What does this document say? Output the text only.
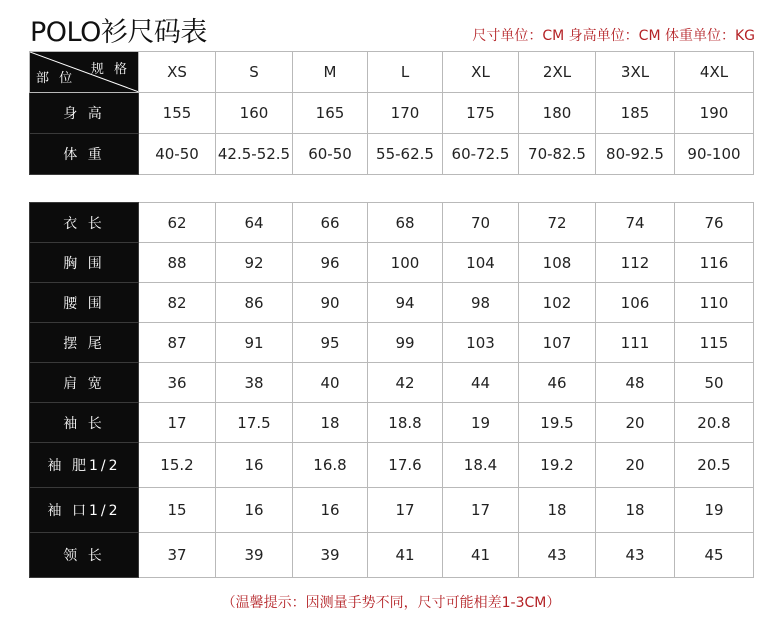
POLO衫尺码表	尺寸单位：CM 身高单位：CM 体重单位：KG
规 格
部 位	XS	S	M	L	XL	2XL	3XL	4XL
身 高	155	160	165	170	175	180	185	190
体 重	40-50	42.5-52.5	60-50	55-62.5	60-72.5	70-82.5	80-92.5	90-100
衣 长	62	64	66	68	70	72	74	76
胸 围	88	92	96	100	104	108	112	116
腰 围	82	86	90	94	98	102	106	110
摆 尾	87	91	95	99	103	107	111	115
肩 宽	36	38	40	42	44	46	48	50
袖 长	17	17.5	18	18.8	19	19.5	20	20.8
袖 肥1/2	15.2	16	16.8	17.6	18.4	19.2	20	20.5
袖 口1/2	15	16	16	17	17	18	18	19
领 长	37	39	39	41	41	43	43	45
（温馨提示：因测量手势不同，尺寸可能相差1-3CM）
